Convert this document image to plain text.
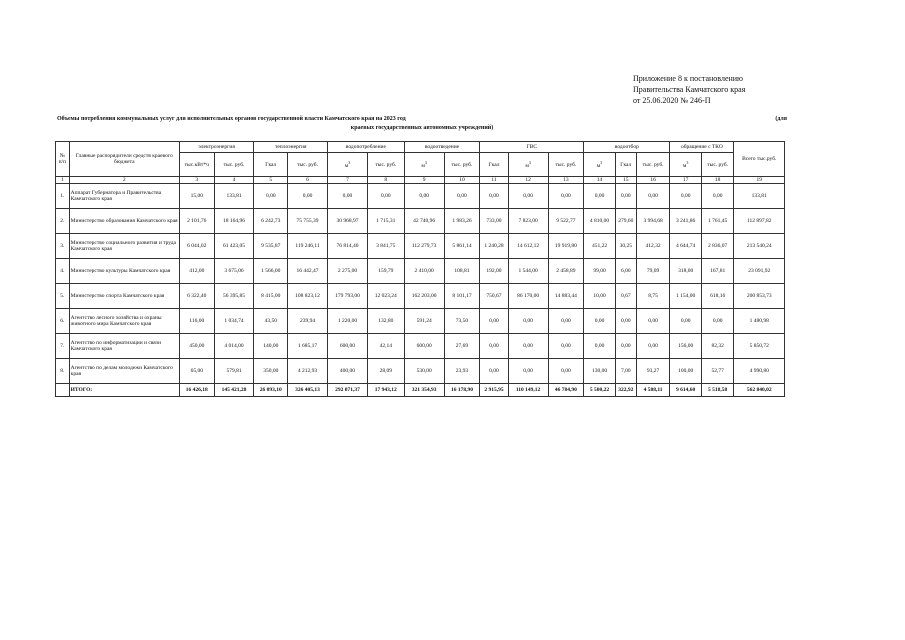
Приложение 8 к постановлению
Правительства Камчатского края
от 25.06.2020 № 246-П
Объемы потребления коммунальных услуг для исполнительных органов государственной власти Камчатского края на 2023 год	(для
краевых государственных автономных учреждений)
№ п/п	Главные распорядители средств краевого бюджета	электроэнергия		теплоэнергия		водопотребление		водоотведение		ГВС			водоотбор			обращение с ТКО		Всего тыс.руб.
		тыс.кВт*ч	тыс. руб.	Гкал	тыс. руб.	$м^3$	тыс. руб.	$м^3$	тыс. руб.	Гкал	$м^3$	тыс. руб.	$м^3$	Гкал	тыс. руб.	$м^3$	тыс. руб.	
1	2	3	4	5	6	7	8	9	10	11	12	13	14	15	16	17	18	19
1.	Аппарат Губернатора и Правительства Камчатского края	15,00	133,81	0,00	0,00	0,00	0,00	0,00	0,00	0,00	0,00	0,00	0,00	0,00	0,00	0,00	0,00	133,81
2.	Министерство образования Камчатского края	2 101,76	18 164,96	6 242,73	75 755,39	30 968,97	1 715,31	42 740,96	1 983,26	733,00	7 823,00	9 522,77	4 810,00	279,60	3 994,68	3 241,86	1 761,45	112 897,82
3.	Министерство социального развития и труда Камчатского края	6 044,02	61 423,05	9 535,87	119 246,11	76 814,40	3 841,75	112 279,73	5 861,14	1 240,28	14 612,12	19 919,80	451,22	30,25	412,32	4 644,74	2 836,07	213 540,24
4.	Министерство культуры Камчатского края	412,00	3 675,06	1 566,00	16 442,47	2 275,00	159,79	2 410,00	108,81	192,00	1 544,00	2 458,89	99,00	6,00	79,09	318,00	167,81	23 091,92
5.	Министерство спорта Камчатского края	6 322,40	56 395,85	8 415,00	108 823,12	179 793,00	12 023,24	162 203,00	8 101,17	750,67	86 170,00	14 883,44	10,00	0,67	8,75	1 154,00	618,16	200 853,73
6.	Агентство лесного хозяйства и охраны животного мира Камчатского края	116,00	1 034,74	43,50	239,94	1 220,00	132,80	591,24	73,50	0,00	0,00	0,00	0,00	0,00	0,00	0,00	0,00	1 480,98
7.	Агентство по информатизации и связи Камчатского края	450,00	4 014,00	140,00	1 685,17	600,00	42,14	600,00	27,69	0,00	0,00	0,00	0,00	0,00	0,00	156,00	82,32	5 850,72
8.	Агентство по делам молодежи Камчатского края	65,00	579,81	350,00	4 212,93	400,00	28,09	530,00	23,93	0,00	0,00	0,00	130,00	7,00	93,27	100,00	52,77	4 990,80
	ИТОГО:	16 426,18	145 421,28	26 093,10	326 405,13	292 071,37	17 943,12	321 354,93	16 178,90	2 915,95	110 149,12	46 784,90	5 500,22	322,92	4 588,11	9 614,60	5 518,58	562 840,02
